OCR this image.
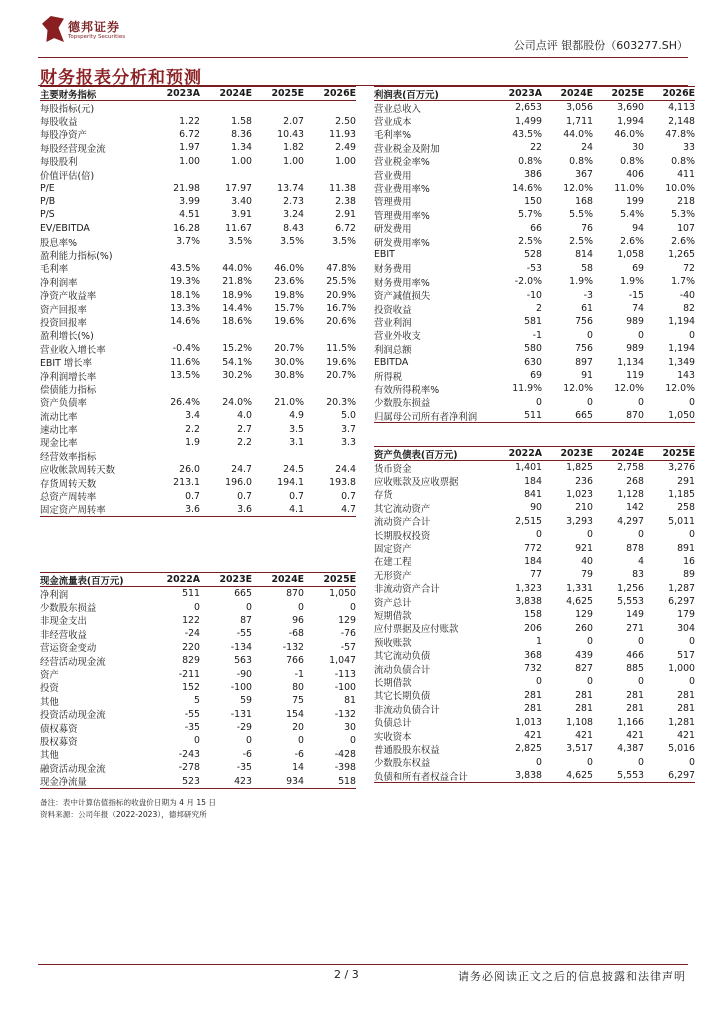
德邦证券
Topsperity Securities
公司点评 银都股份（603277.SH）
财务报表分析和预测
主要财务指标	2023A	2024E	2025E	2026E
每股指标(元)
每股收益	1.22	1.58	2.07	2.50
每股净资产	6.72	8.36	10.43	11.93
每股经营现金流	1.97	1.34	1.82	2.49
每股股利	1.00	1.00	1.00	1.00
价值评估(倍)
P/E	21.98	17.97	13.74	11.38
P/B	3.99	3.40	2.73	2.38
P/S	4.51	3.91	3.24	2.91
EV/EBITDA	16.28	11.67	8.43	6.72
股息率%	3.7%	3.5%	3.5%	3.5%
盈利能力指标(%)
毛利率	43.5%	44.0%	46.0%	47.8%
净利润率	19.3%	21.8%	23.6%	25.5%
净资产收益率	18.1%	18.9%	19.8%	20.9%
资产回报率	13.3%	14.4%	15.7%	16.7%
投资回报率	14.6%	18.6%	19.6%	20.6%
盈利增长(%)
营业收入增长率	-0.4%	15.2%	20.7%	11.5%
EBIT 增长率	11.6%	54.1%	30.0%	19.6%
净利润增长率	13.5%	30.2%	30.8%	20.7%
偿债能力指标
资产负债率	26.4%	24.0%	21.0%	20.3%
流动比率	3.4	4.0	4.9	5.0
速动比率	2.2	2.7	3.5	3.7
现金比率	1.9	2.2	3.1	3.3
经营效率指标
应收帐款周转天数	26.0	24.7	24.5	24.4
存货周转天数	213.1	196.0	194.1	193.8
总资产周转率	0.7	0.7	0.7	0.7
固定资产周转率	3.6	3.6	4.1	4.7
现金流量表(百万元)	2022A	2023E	2024E	2025E
净利润	511	665	870	1,050
少数股东损益	0	0	0	0
非现金支出	122	87	96	129
非经营收益	-24	-55	-68	-76
营运资金变动	220	-134	-132	-57
经营活动现金流	829	563	766	1,047
资产	-211	-90	-1	-113
投资	152	-100	80	-100
其他	5	59	75	81
投资活动现金流	-55	-131	154	-132
债权募资	-35	-29	20	30
股权募资	0	0	0	0
其他	-243	-6	-6	-428
融资活动现金流	-278	-35	14	-398
现金净流量	523	423	934	518
利润表(百万元)	2023A	2024E	2025E	2026E
营业总收入	2,653	3,056	3,690	4,113
营业成本	1,499	1,711	1,994	2,148
毛利率%	43.5%	44.0%	46.0%	47.8%
营业税金及附加	22	24	30	33
营业税金率%	0.8%	0.8%	0.8%	0.8%
营业费用	386	367	406	411
营业费用率%	14.6%	12.0%	11.0%	10.0%
管理费用	150	168	199	218
管理费用率%	5.7%	5.5%	5.4%	5.3%
研发费用	66	76	94	107
研发费用率%	2.5%	2.5%	2.6%	2.6%
EBIT	528	814	1,058	1,265
财务费用	-53	58	69	72
财务费用率%	-2.0%	1.9%	1.9%	1.7%
资产减值损失	-10	-3	-15	-40
投资收益	2	61	74	82
营业利润	581	756	989	1,194
营业外收支	-1	0	0	0
利润总额	580	756	989	1,194
EBITDA	630	897	1,134	1,349
所得税	69	91	119	143
有效所得税率%	11.9%	12.0%	12.0%	12.0%
少数股东损益	0	0	0	0
归属母公司所有者净利润	511	665	870	1,050
资产负债表(百万元)	2022A	2023E	2024E	2025E
货币资金	1,401	1,825	2,758	3,276
应收账款及应收票据	184	236	268	291
存货	841	1,023	1,128	1,185
其它流动资产	90	210	142	258
流动资产合计	2,515	3,293	4,297	5,011
长期股权投资	0	0	0	0
固定资产	772	921	878	891
在建工程	184	40	4	16
无形资产	77	79	83	89
非流动资产合计	1,323	1,331	1,256	1,287
资产总计	3,838	4,625	5,553	6,297
短期借款	158	129	149	179
应付票据及应付账款	206	260	271	304
预收账款	1	0	0	0
其它流动负债	368	439	466	517
流动负债合计	732	827	885	1,000
长期借款	0	0	0	0
其它长期负债	281	281	281	281
非流动负债合计	281	281	281	281
负债总计	1,013	1,108	1,166	1,281
实收资本	421	421	421	421
普通股股东权益	2,825	3,517	4,387	5,016
少数股东权益	0	0	0	0
负债和所有者权益合计	3,838	4,625	5,553	6,297
备注：表中计算估值指标的收盘价日期为 4 月 15 日
资料来源：公司年报（2022-2023），德邦研究所
2 / 3	请务必阅读正文之后的信息披露和法律声明
